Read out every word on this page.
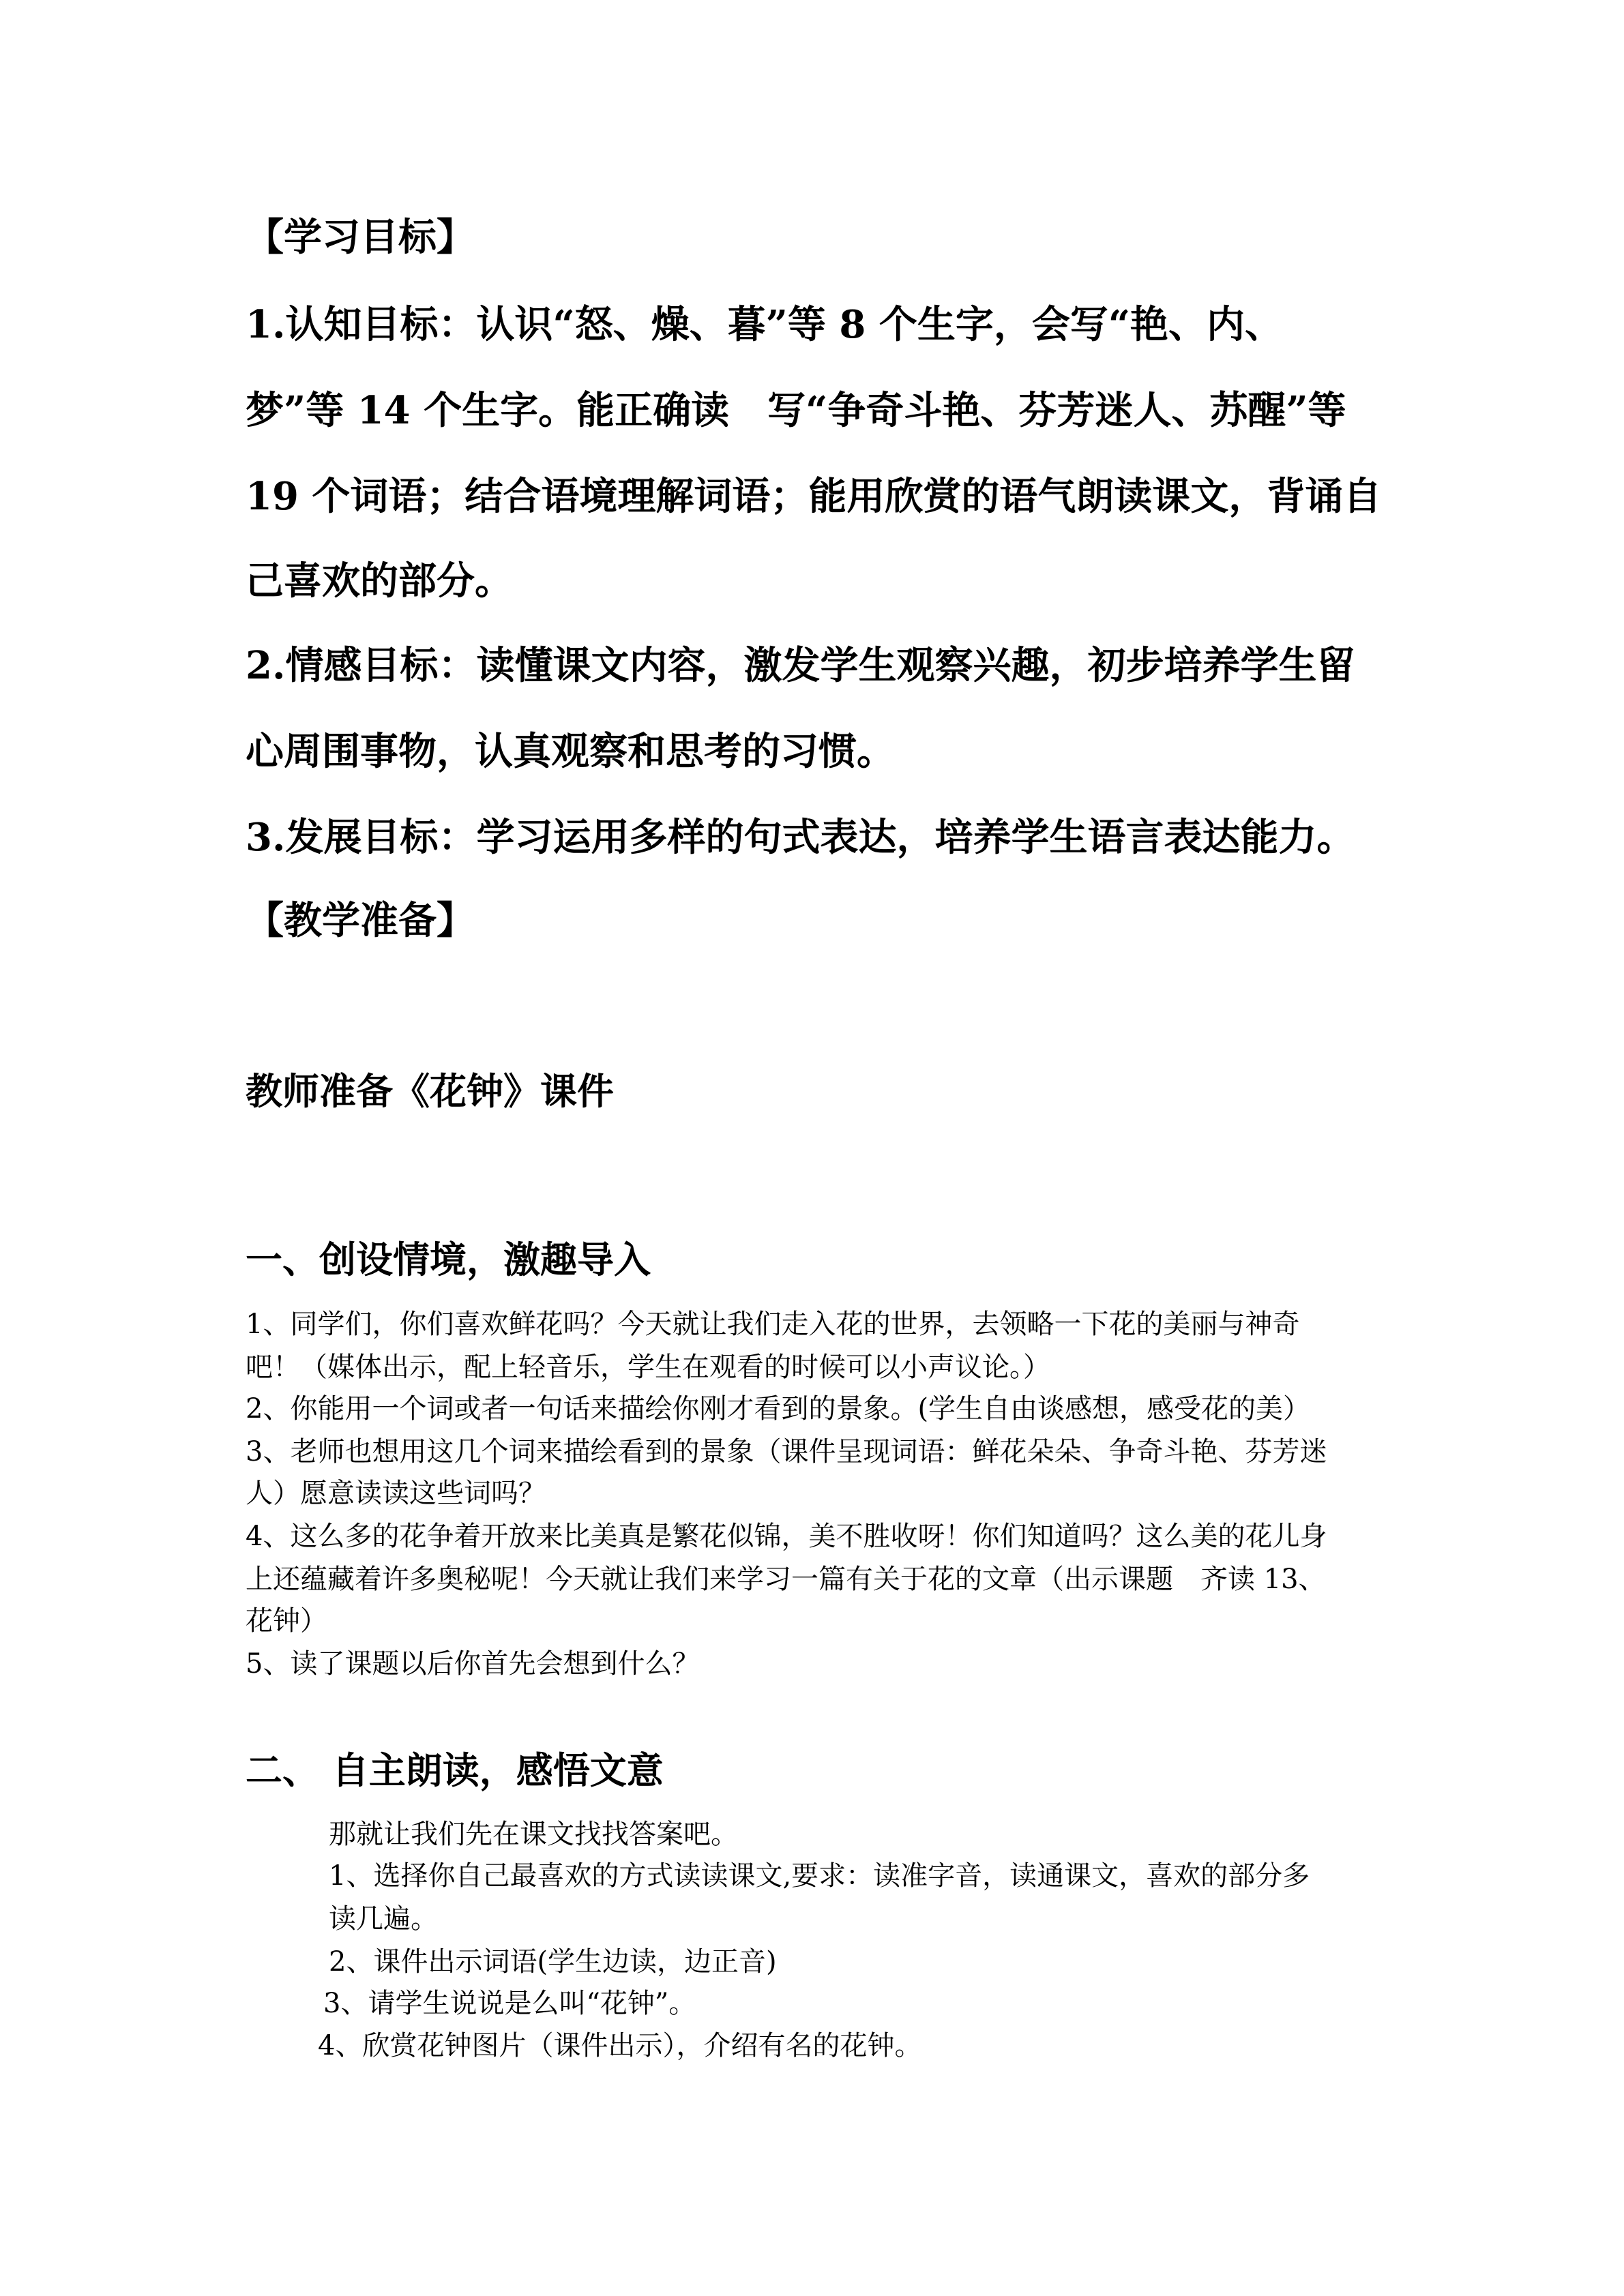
【学习目标】
1.认知目标：认识“怒、燥、暮”等 8 个生字，会写“艳、内、
梦”等 14 个生字。能正确读　写“争奇斗艳、芬芳迷人、苏醒”等
19 个词语；结合语境理解词语；能用欣赏的语气朗读课文，背诵自
己喜欢的部分。
2.情感目标：读懂课文内容，激发学生观察兴趣，初步培养学生留
心周围事物，认真观察和思考的习惯。
3.发展目标：学习运用多样的句式表达，培养学生语言表达能力。
【教学准备】
教师准备《花钟》课件
一、创设情境，激趣导入
1、同学们，你们喜欢鲜花吗？今天就让我们走入花的世界，去领略一下花的美丽与神奇
吧！（媒体出示，配上轻音乐，学生在观看的时候可以小声议论。）
2、你能用一个词或者一句话来描绘你刚才看到的景象。(学生自由谈感想，感受花的美）
3、老师也想用这几个词来描绘看到的景象（课件呈现词语：鲜花朵朵、争奇斗艳、芬芳迷
人）愿意读读这些词吗？
4、这么多的花争着开放来比美真是繁花似锦，美不胜收呀！你们知道吗？这么美的花儿身
上还蕴藏着许多奥秘呢！今天就让我们来学习一篇有关于花的文章（出示课题　齐读 13、
花钟）
5、读了课题以后你首先会想到什么？
二、 自主朗读，感悟文意
那就让我们先在课文找找答案吧。
1、选择你自己最喜欢的方式读读课文,要求：读准字音，读通课文，喜欢的部分多
读几遍。
2、课件出示词语(学生边读，边正音)
3、请学生说说是么叫“花钟”。
4、欣赏花钟图片（课件出示），介绍有名的花钟。
